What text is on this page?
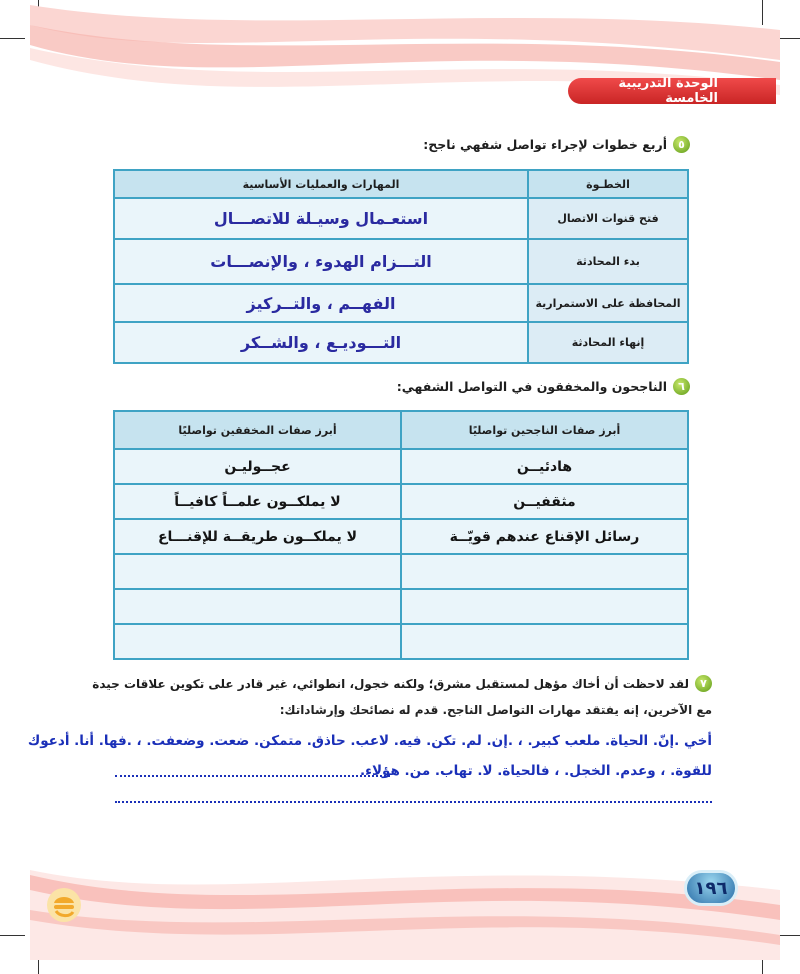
الوحدة التدريبية الخامسة
٥
أربع خطوات لإجراء تواصل شفهي ناجح:
الخطـوة	المهارات والعمليات الأساسية
فتح قنوات الاتصال	استعـمال وسيـلة للاتصـــال
بدء المحادثة	التـــزام الهدوء ، والإنصـــات
المحافظة على الاستمرارية	الفهــم ، والتــركيز
إنهاء المحادثة	التـــوديـع ، والشــكر
٦
الناجحون والمخفقون في التواصل الشفهي:
أبرز صفات الناجحين تواصليًا	أبرز صفات المخفقين تواصليًا
هادئيــن	عجــوليـن
مثقفيــن	لا يملكــون علمــاً كافيــاً
رسائل الإقناع عندهم قويّــة	لا يملكــون طريقــة للإقنـــاع

٧
لقد لاحظت أن أخاك مؤهل لمستقبل مشرق؛ ولكنه خجول، انطوائي، غير قادر على تكوين علاقات جيدة
مع الآخرين، إنه يفتقد مهارات التواصل الناجح. قدم له نصائحك وإرشاداتك:
أخي .إنّ. الحياة. ملعب كبير. ، .إن. لم. تكن. فيه. لاعب. حاذق. متمكن. ضعت. وضعفت. ، .فها. أنا. أدعوك
للقوة. ، وعدم. الخجل. ، فالحياة. لا. تهاب. من. هؤلاء.
١٩٦
